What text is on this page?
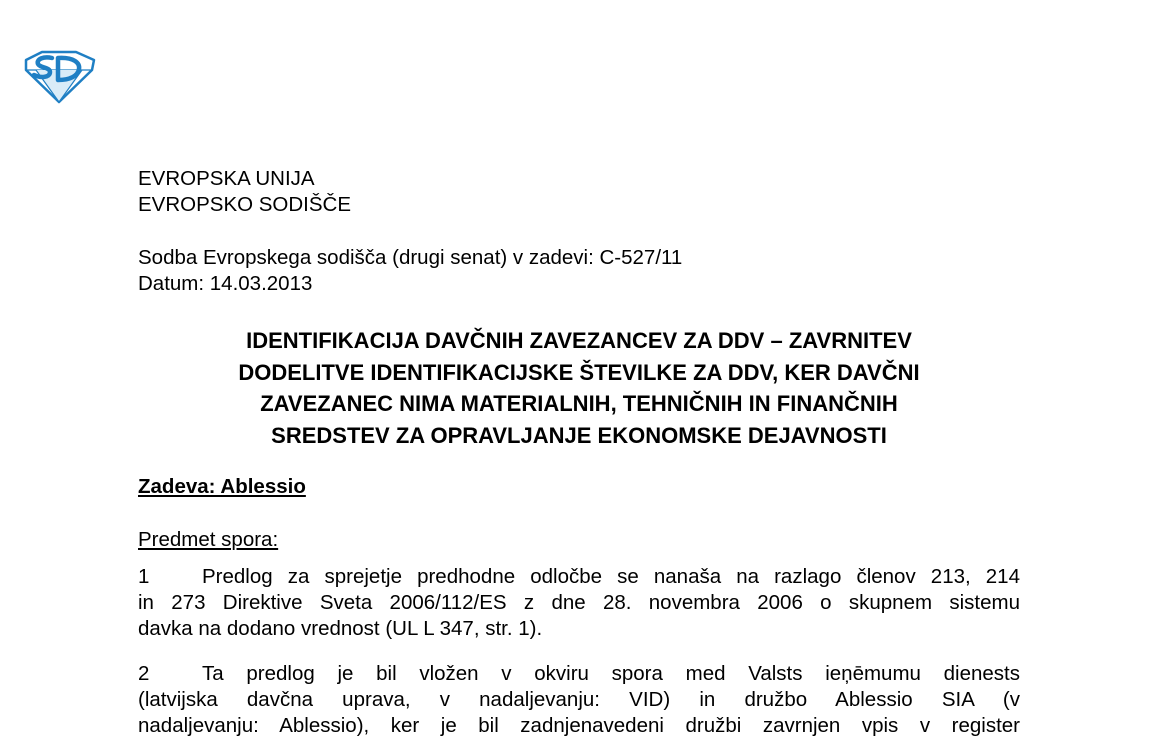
EVROPSKA UNIJA
EVROPSKO SODIŠČE
Sodba Evropskega sodišča (drugi senat) v zadevi: C-527/11
Datum: 14.03.2013
IDENTIFIKACIJA DAVČNIH ZAVEZANCEV ZA DDV – ZAVRNITEV
DODELITVE IDENTIFIKACIJSKE ŠTEVILKE ZA DDV, KER DAVČNI
ZAVEZANEC NIMA MATERIALNIH, TEHNIČNIH IN FINANČNIH
SREDSTEV ZA OPRAVLJANJE EKONOMSKE DEJAVNOSTI
Zadeva: Ablessio
Predmet spora:
1	Predlog za sprejetje predhodne odločbe se nanaša na razlago členov 213, 214
in 273 Direktive Sveta 2006/112/ES z dne 28. novembra 2006 o skupnem sistemu
davka na dodano vrednost (UL L 347, str. 1).
2	Ta predlog je bil vložen v okviru spora med Valsts ieņēmumu dienests
(latvijska davčna uprava, v nadaljevanju: VID) in družbo Ablessio SIA (v
nadaljevanju: Ablessio), ker je bil zadnjenavedeni družbi zavrnjen vpis v register
